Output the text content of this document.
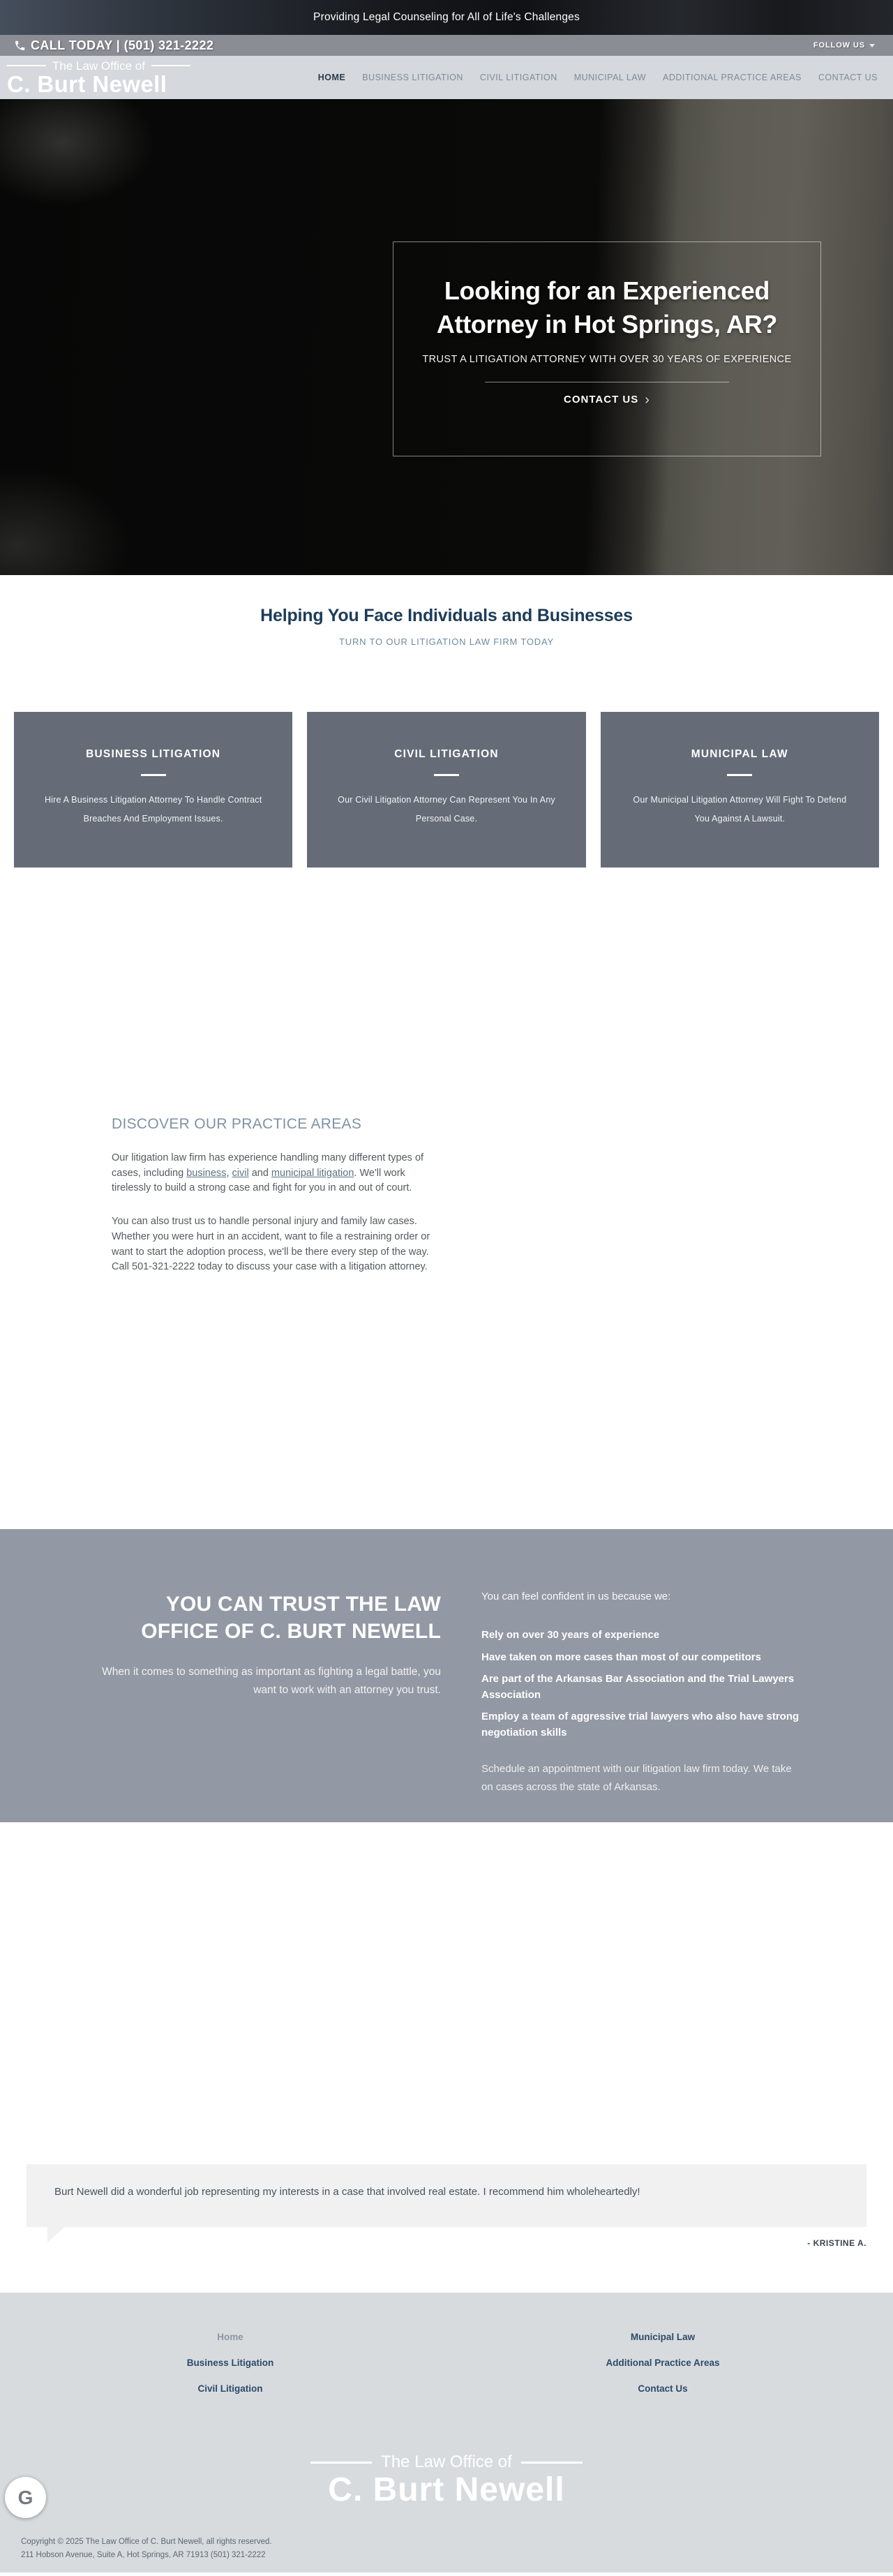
Providing Legal Counseling for All of Life's Challenges
CALL TODAY | (501) 321-2222	FOLLOW US
The Law Office of
C. Burt Newell	HOME BUSINESS LITIGATION CIVIL LITIGATION MUNICIPAL LAW ADDITIONAL PRACTICE AREAS CONTACT US
Looking for an Experienced Attorney in Hot Springs, AR?
TRUST A LITIGATION ATTORNEY WITH OVER 30 YEARS OF EXPERIENCE
CONTACT US ›
Helping You Face Individuals and Businesses
TURN TO OUR LITIGATION LAW FIRM TODAY
BUSINESS LITIGATION

Hire A Business Litigation Attorney To Handle Contract Breaches And Employment Issues.

CIVIL LITIGATION

Our Civil Litigation Attorney Can Represent You In Any Personal Case.

MUNICIPAL LAW

Our Municipal Litigation Attorney Will Fight To Defend You Against A Lawsuit.

DISCOVER OUR PRACTICE AREAS

Our litigation law firm has experience handling many different types of cases, including business, civil and municipal litigation. We'll work tirelessly to build a strong case and fight for you in and out of court.

You can also trust us to handle personal injury and family law cases. Whether you were hurt in an accident, want to file a restraining order or want to start the adoption process, we'll be there every step of the way. Call 501-321-2222 today to discuss your case with a litigation attorney.

YOU CAN TRUST THE LAW OFFICE OF C. BURT NEWELL

When it comes to something as important as fighting a legal battle, you want to work with an attorney you trust.

You can feel confident in us because we:
Rely on over 30 years of experience
Have taken on more cases than most of our competitors
Are part of the Arkansas Bar Association and the Trial Lawyers Association
Employ a team of aggressive trial lawyers who also have strong negotiation skills
Schedule an appointment with our litigation law firm today. We take on cases across the state of Arkansas.
Burt Newell did a wonderful job representing my interests in a case that involved real estate. I recommend him wholeheartedly!
- KRISTINE A.
Home
Business Litigation
Civil Litigation
Municipal Law
Additional Practice Areas
Contact Us
The Law Office of
C. Burt Newell
G
Copyright © 2025 The Law Office of C. Burt Newell, all rights reserved.
211 Hobson Avenue, Suite A, Hot Springs, AR 71913 (501) 321-2222
